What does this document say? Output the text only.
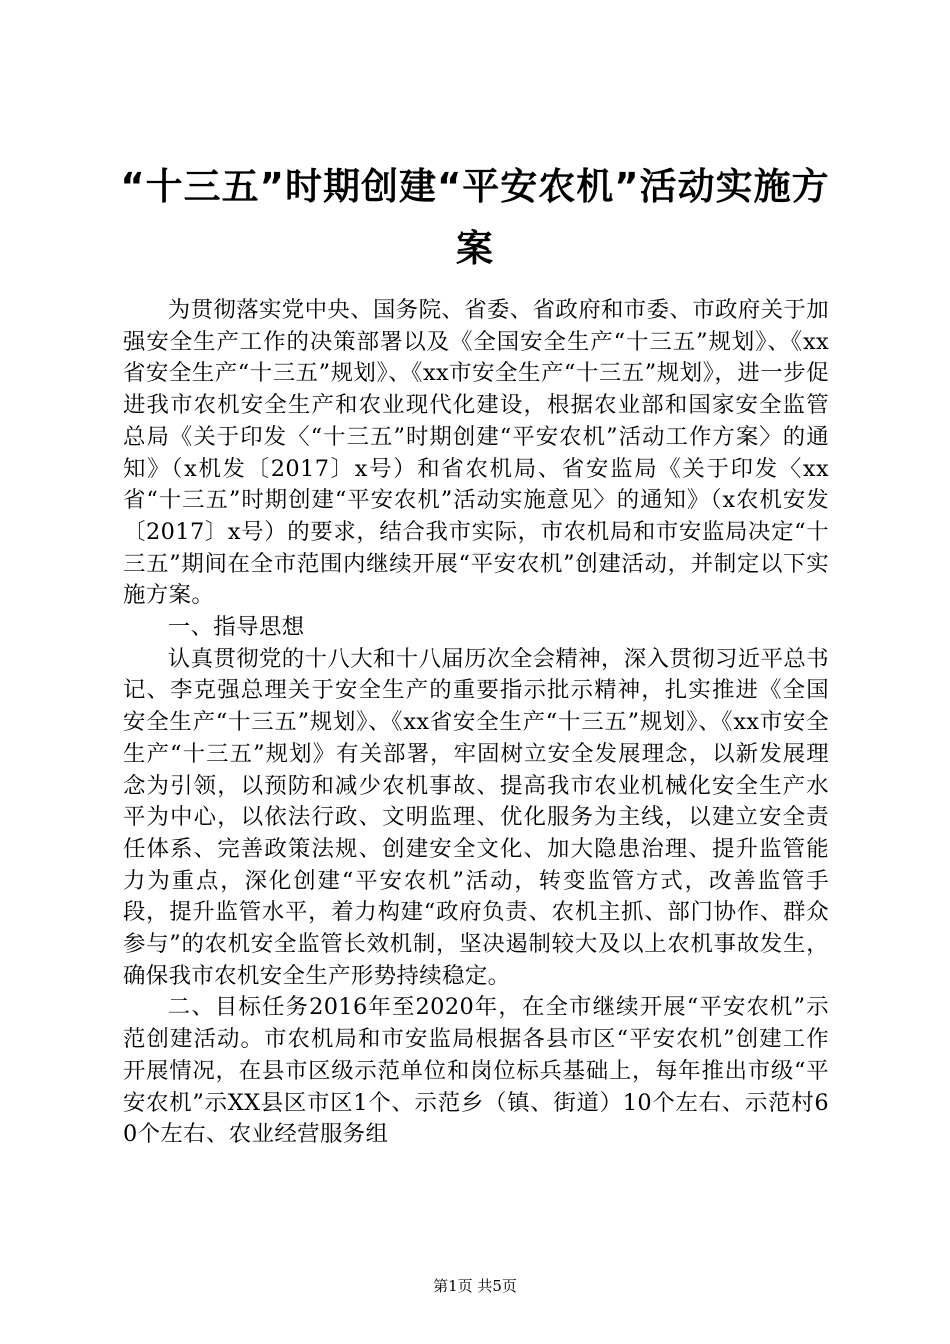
“十三五”时期创建“平安农机”活动实施方案

为贯彻落实党中央、国务院、省委、省政府和市委、市政府关于加强安全生产工作的决策部署以及《全国安全生产“十三五”规划》、《xx省安全生产“十三五”规划》、《xx市安全生产“十三五”规划》，进一步促进我市农机安全生产和农业现代化建设，根据农业部和国家安全监管总局《关于印发〈“十三五”时期创建“平安农机”活动工作方案〉的通知》（x机发〔2017〕x号）和省农机局、省安监局《关于印发〈xx省“十三五”时期创建“平安农机”活动实施意见〉的通知》（x农机安发〔2017〕x号）的要求，结合我市实际，市农机局和市安监局决定“十三五”期间在全市范围内继续开展“平安农机”创建活动，并制定以下实施方案。

一、指导思想

认真贯彻党的十八大和十八届历次全会精神，深入贯彻习近平总书记、李克强总理关于安全生产的重要指示批示精神，扎实推进《全国安全生产“十三五”规划》、《xx省安全生产“十三五”规划》、《xx市安全生产“十三五”规划》有关部署，牢固树立安全发展理念，以新发展理念为引领，以预防和减少农机事故、提高我市农业机械化安全生产水平为中心，以依法行政、文明监理、优化服务为主线，以建立安全责任体系、完善政策法规、创建安全文化、加大隐患治理、提升监管能力为重点，深化创建“平安农机”活动，转变监管方式，改善监管手段，提升监管水平，着力构建“政府负责、农机主抓、部门协作、群众参与”的农机安全监管长效机制，坚决遏制较大及以上农机事故发生，确保我市农机安全生产形势持续稳定。

二、目标任务2016年至2020年，在全市继续开展“平安农机”示范创建活动。市农机局和市安监局根据各县市区“平安农机”创建工作开展情况，在县市区级示范单位和岗位标兵基础上，每年推出市级“平安农机”示XX县区市区1个、示范乡（镇、街道）10个左右、示范村60个左右、农业经营服务组

第1页 共5页
